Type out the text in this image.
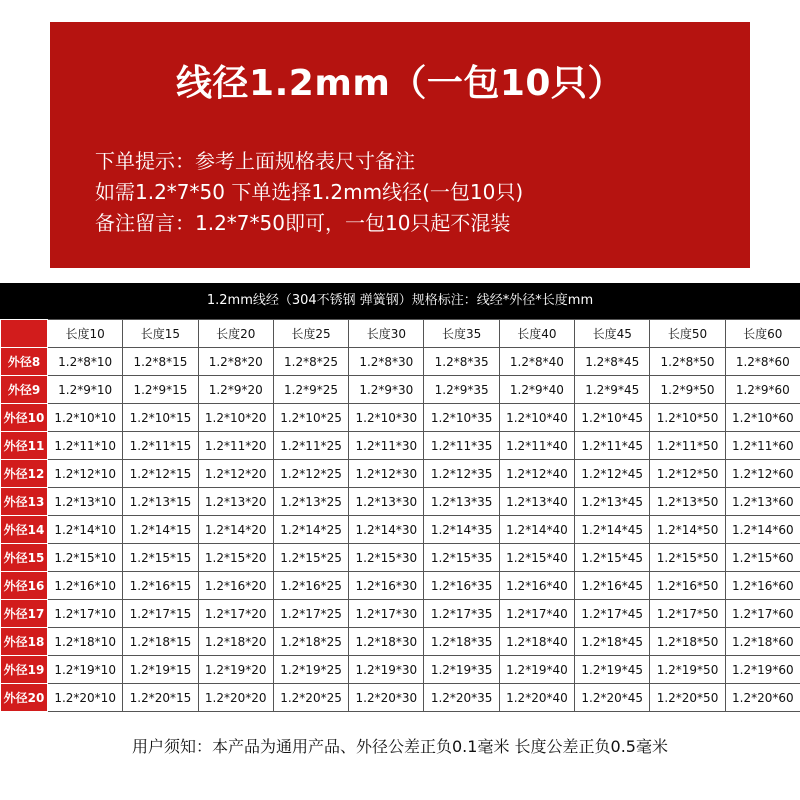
线径1.2mm（一包10只）
下单提示：参考上面规格表尺寸备注
如需1.2*7*50 下单选择1.2mm线径(一包10只)
备注留言：1.2*7*50即可，一包10只起不混装
1.2mm线经（304不锈钢 弹簧钢）规格标注：线经*外径*长度mm
	长度10	长度15	长度20	长度25	长度30	长度35	长度40	长度45	长度50	长度60
外径8	1.2*8*10	1.2*8*15	1.2*8*20	1.2*8*25	1.2*8*30	1.2*8*35	1.2*8*40	1.2*8*45	1.2*8*50	1.2*8*60
外径9	1.2*9*10	1.2*9*15	1.2*9*20	1.2*9*25	1.2*9*30	1.2*9*35	1.2*9*40	1.2*9*45	1.2*9*50	1.2*9*60
外径10	1.2*10*10	1.2*10*15	1.2*10*20	1.2*10*25	1.2*10*30	1.2*10*35	1.2*10*40	1.2*10*45	1.2*10*50	1.2*10*60
外径11	1.2*11*10	1.2*11*15	1.2*11*20	1.2*11*25	1.2*11*30	1.2*11*35	1.2*11*40	1.2*11*45	1.2*11*50	1.2*11*60
外径12	1.2*12*10	1.2*12*15	1.2*12*20	1.2*12*25	1.2*12*30	1.2*12*35	1.2*12*40	1.2*12*45	1.2*12*50	1.2*12*60
外径13	1.2*13*10	1.2*13*15	1.2*13*20	1.2*13*25	1.2*13*30	1.2*13*35	1.2*13*40	1.2*13*45	1.2*13*50	1.2*13*60
外径14	1.2*14*10	1.2*14*15	1.2*14*20	1.2*14*25	1.2*14*30	1.2*14*35	1.2*14*40	1.2*14*45	1.2*14*50	1.2*14*60
外径15	1.2*15*10	1.2*15*15	1.2*15*20	1.2*15*25	1.2*15*30	1.2*15*35	1.2*15*40	1.2*15*45	1.2*15*50	1.2*15*60
外径16	1.2*16*10	1.2*16*15	1.2*16*20	1.2*16*25	1.2*16*30	1.2*16*35	1.2*16*40	1.2*16*45	1.2*16*50	1.2*16*60
外径17	1.2*17*10	1.2*17*15	1.2*17*20	1.2*17*25	1.2*17*30	1.2*17*35	1.2*17*40	1.2*17*45	1.2*17*50	1.2*17*60
外径18	1.2*18*10	1.2*18*15	1.2*18*20	1.2*18*25	1.2*18*30	1.2*18*35	1.2*18*40	1.2*18*45	1.2*18*50	1.2*18*60
外径19	1.2*19*10	1.2*19*15	1.2*19*20	1.2*19*25	1.2*19*30	1.2*19*35	1.2*19*40	1.2*19*45	1.2*19*50	1.2*19*60
外径20	1.2*20*10	1.2*20*15	1.2*20*20	1.2*20*25	1.2*20*30	1.2*20*35	1.2*20*40	1.2*20*45	1.2*20*50	1.2*20*60
用户须知：本产品为通用产品、外径公差正负0.1毫米 长度公差正负0.5毫米
